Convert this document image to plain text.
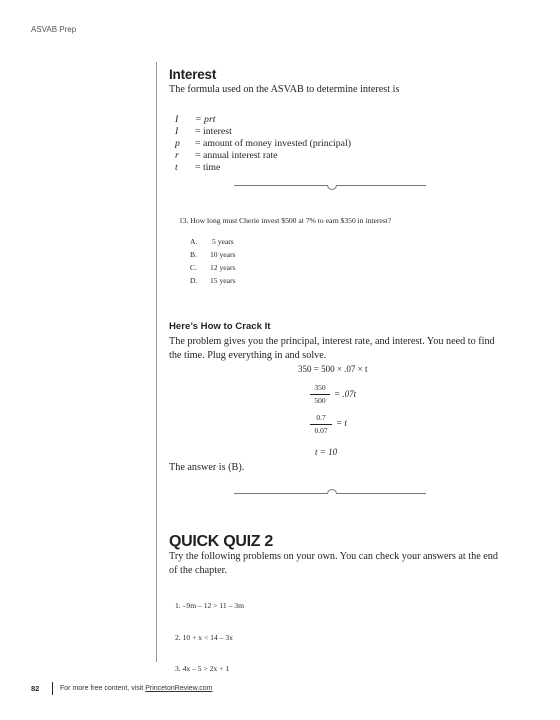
ASVAB Prep
Interest
The formula used on the ASVAB to determine interest is
I = prt
I = interest
p = amount of money invested (principal)
r = annual interest rate
t = time
13. How long must Cherie invest $500 at 7% to earn $350 in interest?
A. 5 years
B. 10 years
C. 12 years
D. 15 years
Here’s How to Crack It
The problem gives you the principal, interest rate, and interest. You need to find
the time. Plug everything in and solve.
350 = 500 × .07 × t
350
500
= .07t
0.7
0.07
= t
t = 10
The answer is (B).
QUICK QUIZ 2
Try the following problems on your own. You can check your answers at the end
of the chapter.
1. –9m – 12 > 11 – 3m
2. 10 + x < 14 – 3x
3. 4x – 5 > 2x + 1
82	For more free content, visit PrincetonReview.com
